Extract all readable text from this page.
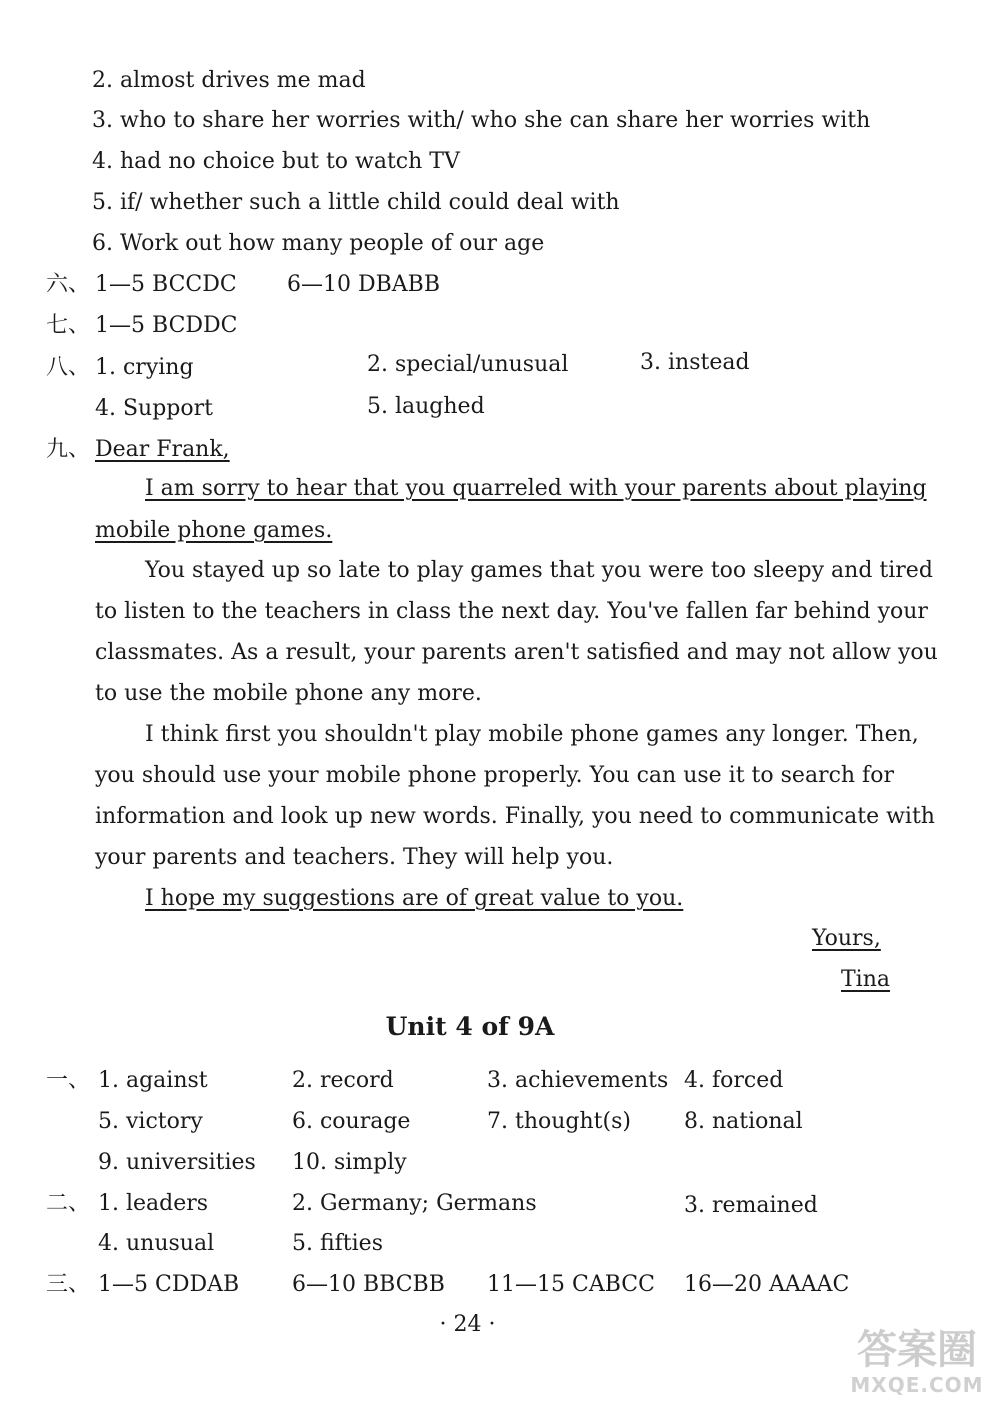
2. almost drives me mad
3. who to share her worries with/ who she can share her worries with
4. had no choice but to watch TV
5. if/ whether such a little child could deal with
6. Work out how many people of our age
六、 1—5 BCCDC 6—10 DBABB
七、 1—5 BCDDC
八、 1. crying	2. special/unusual	3. instead
4. Support	5. laughed
九、 Dear Frank,
I am sorry to hear that you quarreled with your parents about playing
mobile phone games.
You stayed up so late to play games that you were too sleepy and tired
to listen to the teachers in class the next day. You've fallen far behind your
classmates. As a result, your parents aren't satisfied and may not allow you
to use the mobile phone any more.
I think first you shouldn't play mobile phone games any longer. Then,
you should use your mobile phone properly. You can use it to search for
information and look up new words. Finally, you need to communicate with
your parents and teachers. They will help you.
I hope my suggestions are of great value to you.
Yours,
Tina
Unit 4 of 9A
一、 1. against	2. record	3. achievements 4. forced
5. victory	6. courage	7. thought(s) 8. national
9. universities 10. simply
二、 1. leaders	2. Germany; Germans	3. remained
4. unusual	5. fifties
三、 1—5 CDDAB 6—10 BBCBB 11—15 CABCC 16—20 AAAAC
· 24 ·
答案圈
MXQE.COM
